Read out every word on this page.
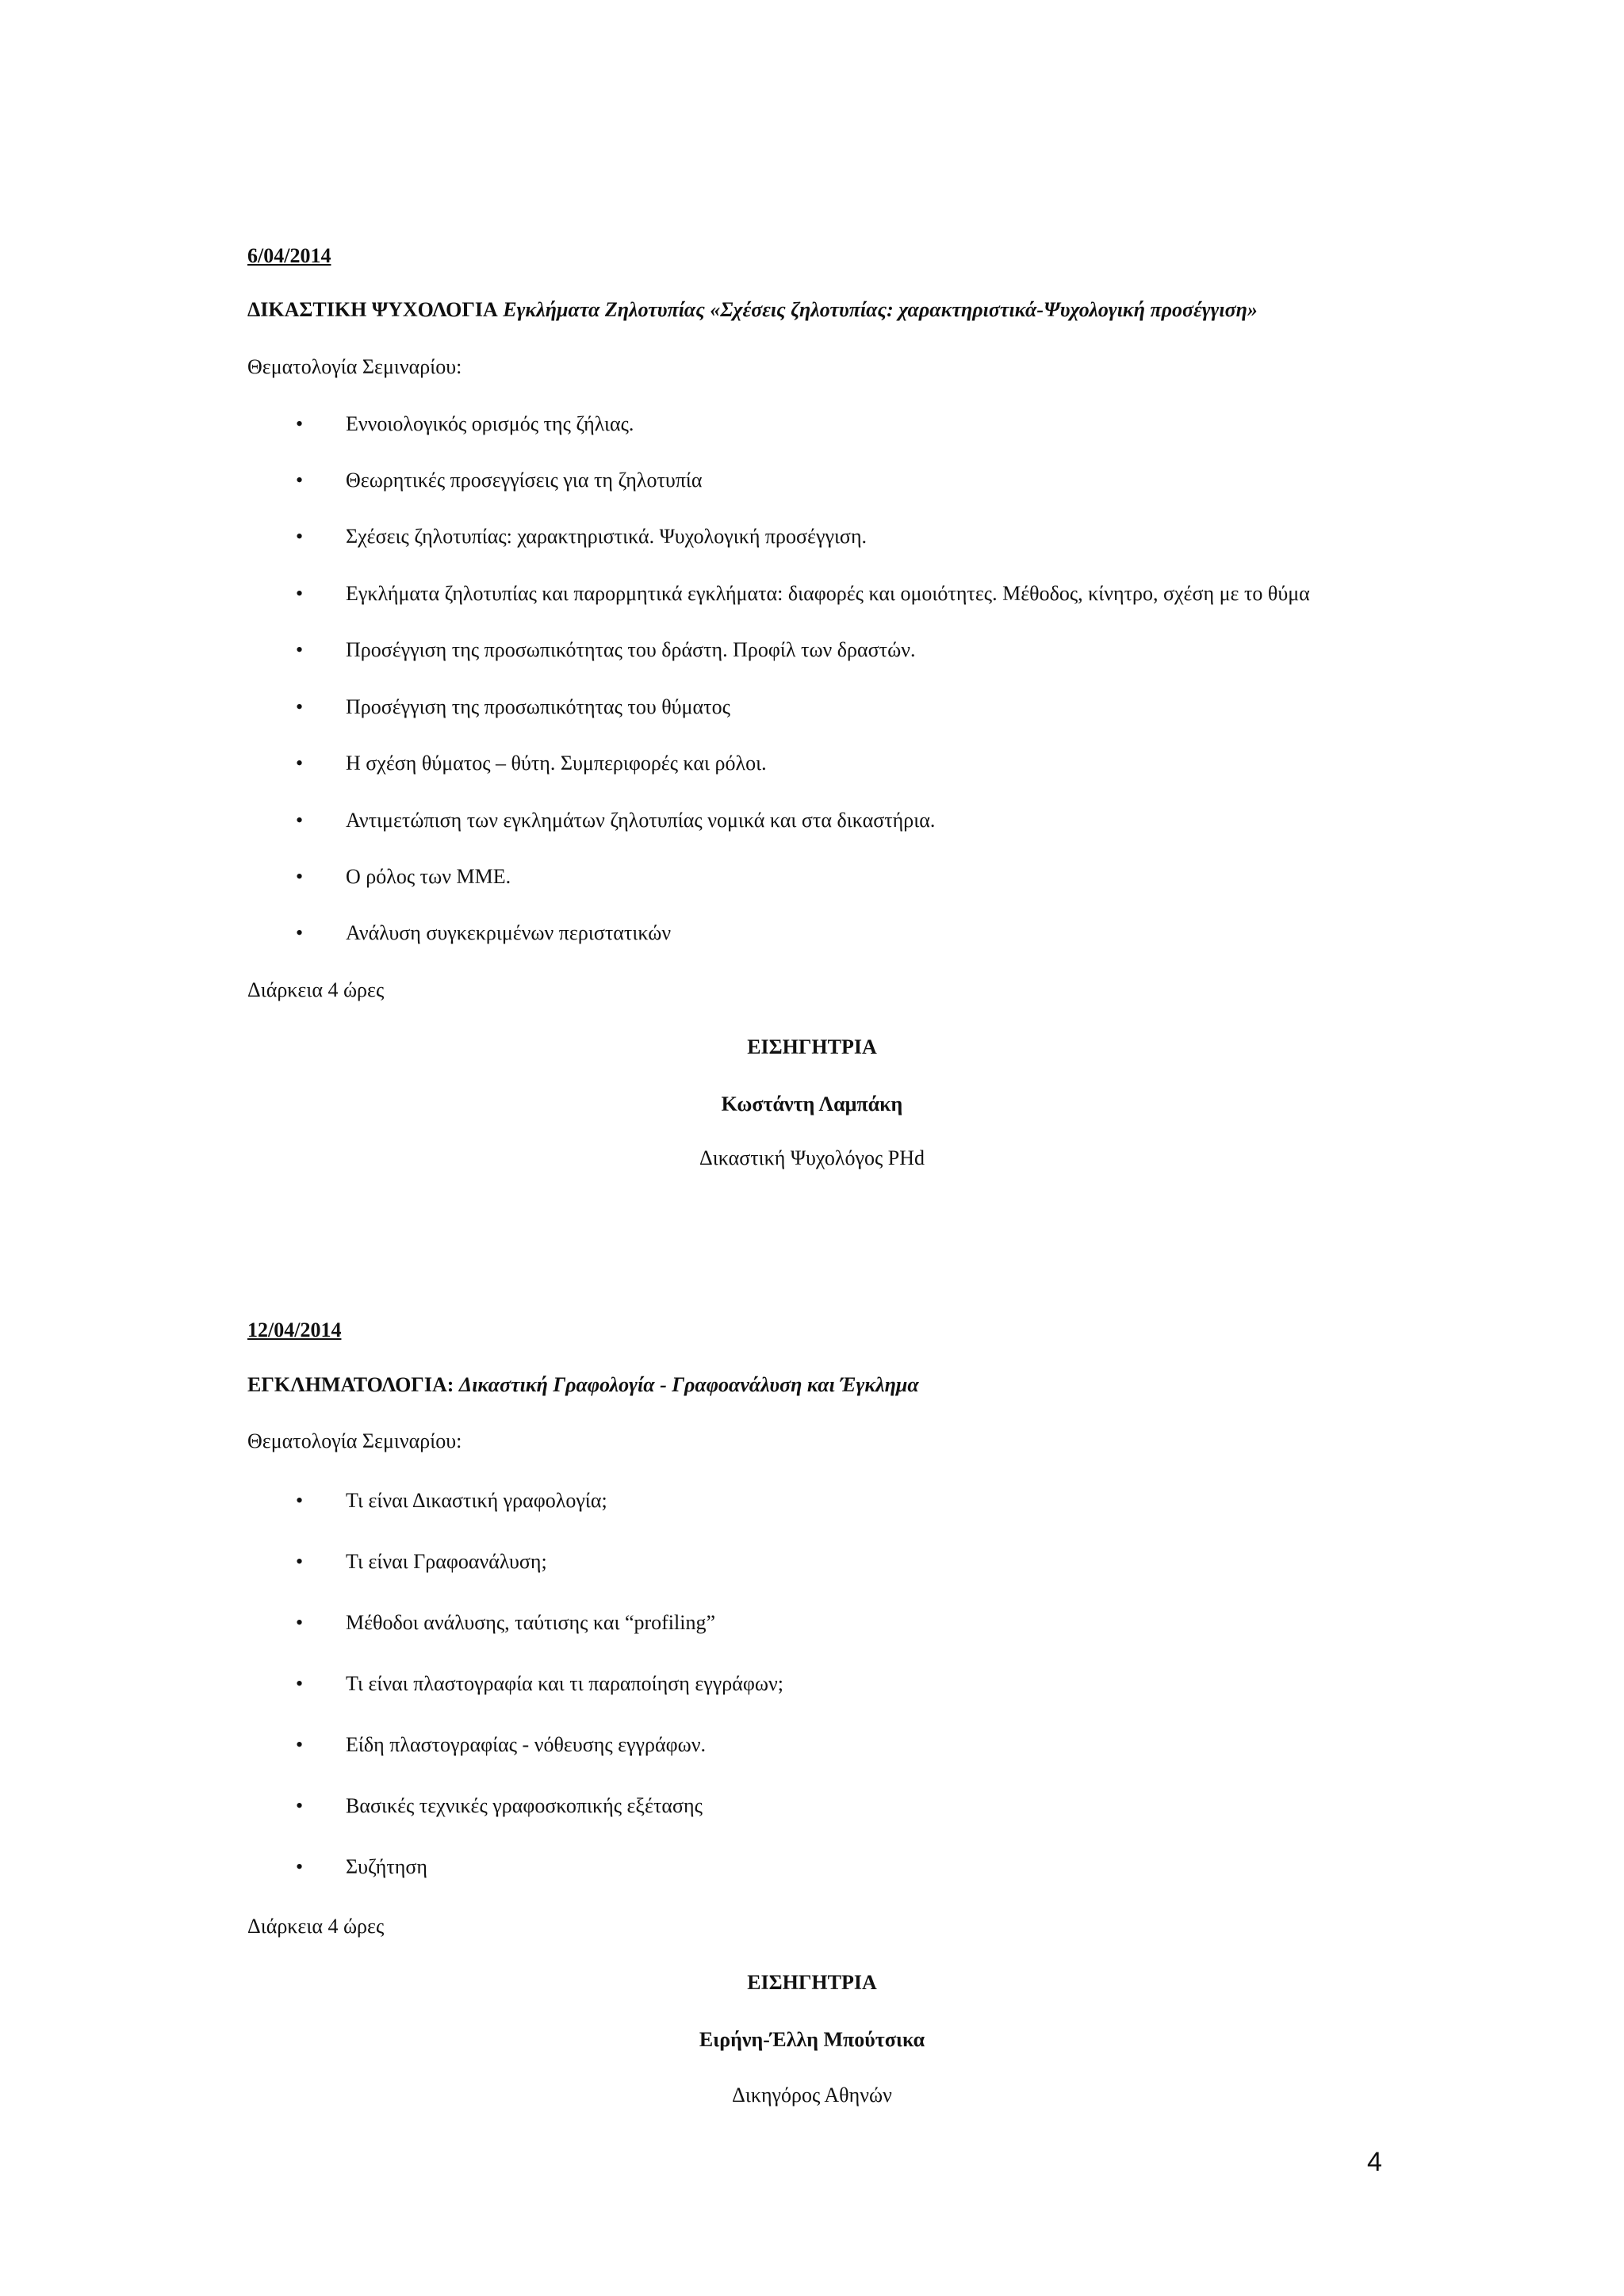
6/04/2014
ΔΙΚΑΣΤΙΚΗ ΨΥΧΟΛΟΓΙΑ Εγκλήματα Ζηλοτυπίας «Σχέσεις ζηλοτυπίας: χαρακτηριστικά-Ψυχολογική προσέγγιση»
Θεματολογία Σεμιναρίου:
• Εννοιολογικός ορισμός της ζήλιας.
• Θεωρητικές προσεγγίσεις για τη ζηλοτυπία
• Σχέσεις ζηλοτυπίας: χαρακτηριστικά. Ψυχολογική προσέγγιση.
• Εγκλήματα ζηλοτυπίας και παρορμητικά εγκλήματα: διαφορές και ομοιότητες. Μέθοδος, κίνητρο, σχέση με το θύμα
• Προσέγγιση της προσωπικότητας του δράστη. Προφίλ των δραστών.
• Προσέγγιση της προσωπικότητας του θύματος
• Η σχέση θύματος – θύτη. Συμπεριφορές και ρόλοι.
• Αντιμετώπιση των εγκλημάτων ζηλοτυπίας νομικά και στα δικαστήρια.
• Ο ρόλος των ΜΜΕ.
• Ανάλυση συγκεκριμένων περιστατικών
Διάρκεια 4 ώρες
ΕΙΣΗΓΗΤΡΙΑ
Κωστάντη Λαμπάκη
Δικαστική Ψυχολόγος PHd
12/04/2014
ΕΓΚΛΗΜΑΤΟΛΟΓΙΑ: Δικαστική Γραφολογία - Γραφοανάλυση και Έγκλημα
Θεματολογία Σεμιναρίου:
• Τι είναι Δικαστική γραφολογία;
• Τι είναι Γραφοανάλυση;
• Μέθοδοι ανάλυσης, ταύτισης και “profiling”
• Τι είναι πλαστογραφία και τι παραποίηση εγγράφων;
• Είδη πλαστογραφίας - νόθευσης εγγράφων.
• Βασικές τεχνικές γραφοσκοπικής εξέτασης
• Συζήτηση
Διάρκεια 4 ώρες
ΕΙΣΗΓΗΤΡΙΑ
Ειρήνη-Έλλη Μπούτσικα
Δικηγόρος Αθηνών
4
